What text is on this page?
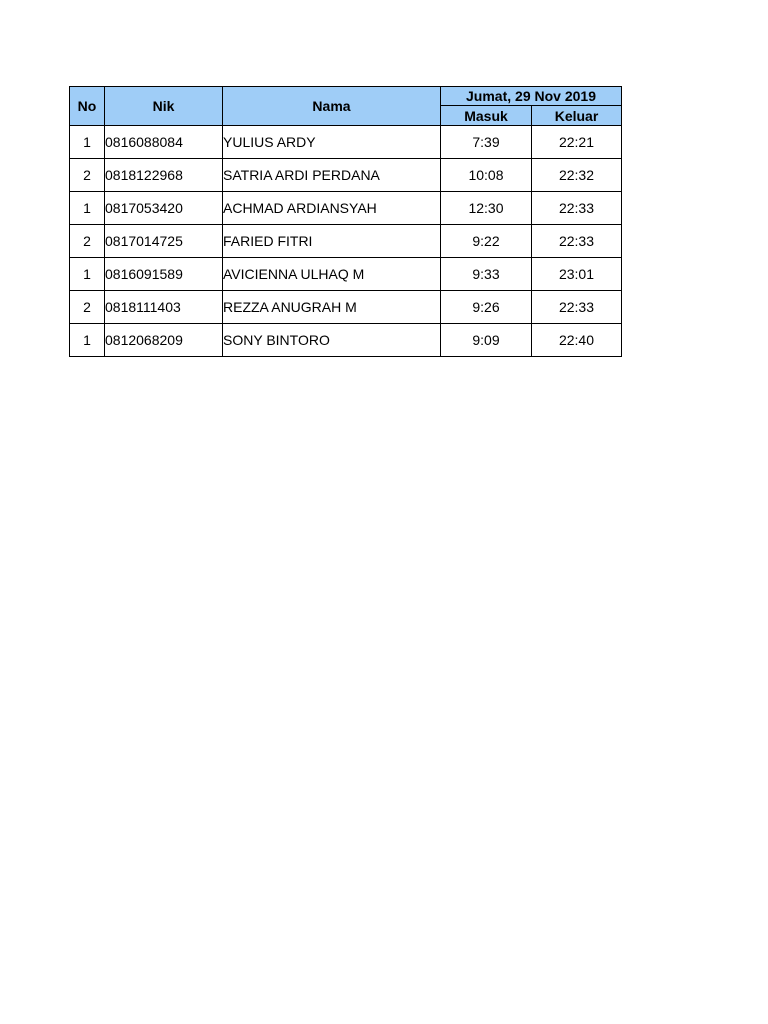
No	Nik	Nama	Jumat, 29 Nov 2019	
			Masuk	Keluar
1	0816088084	YULIUS ARDY	7:39	22:21
2	0818122968	SATRIA ARDI PERDANA	10:08	22:32
1	0817053420	ACHMAD ARDIANSYAH	12:30	22:33
2	0817014725	FARIED FITRI	9:22	22:33
1	0816091589	AVICIENNA ULHAQ M	9:33	23:01
2	0818111403	REZZA ANUGRAH M	9:26	22:33
1	0812068209	SONY BINTORO	9:09	22:40
